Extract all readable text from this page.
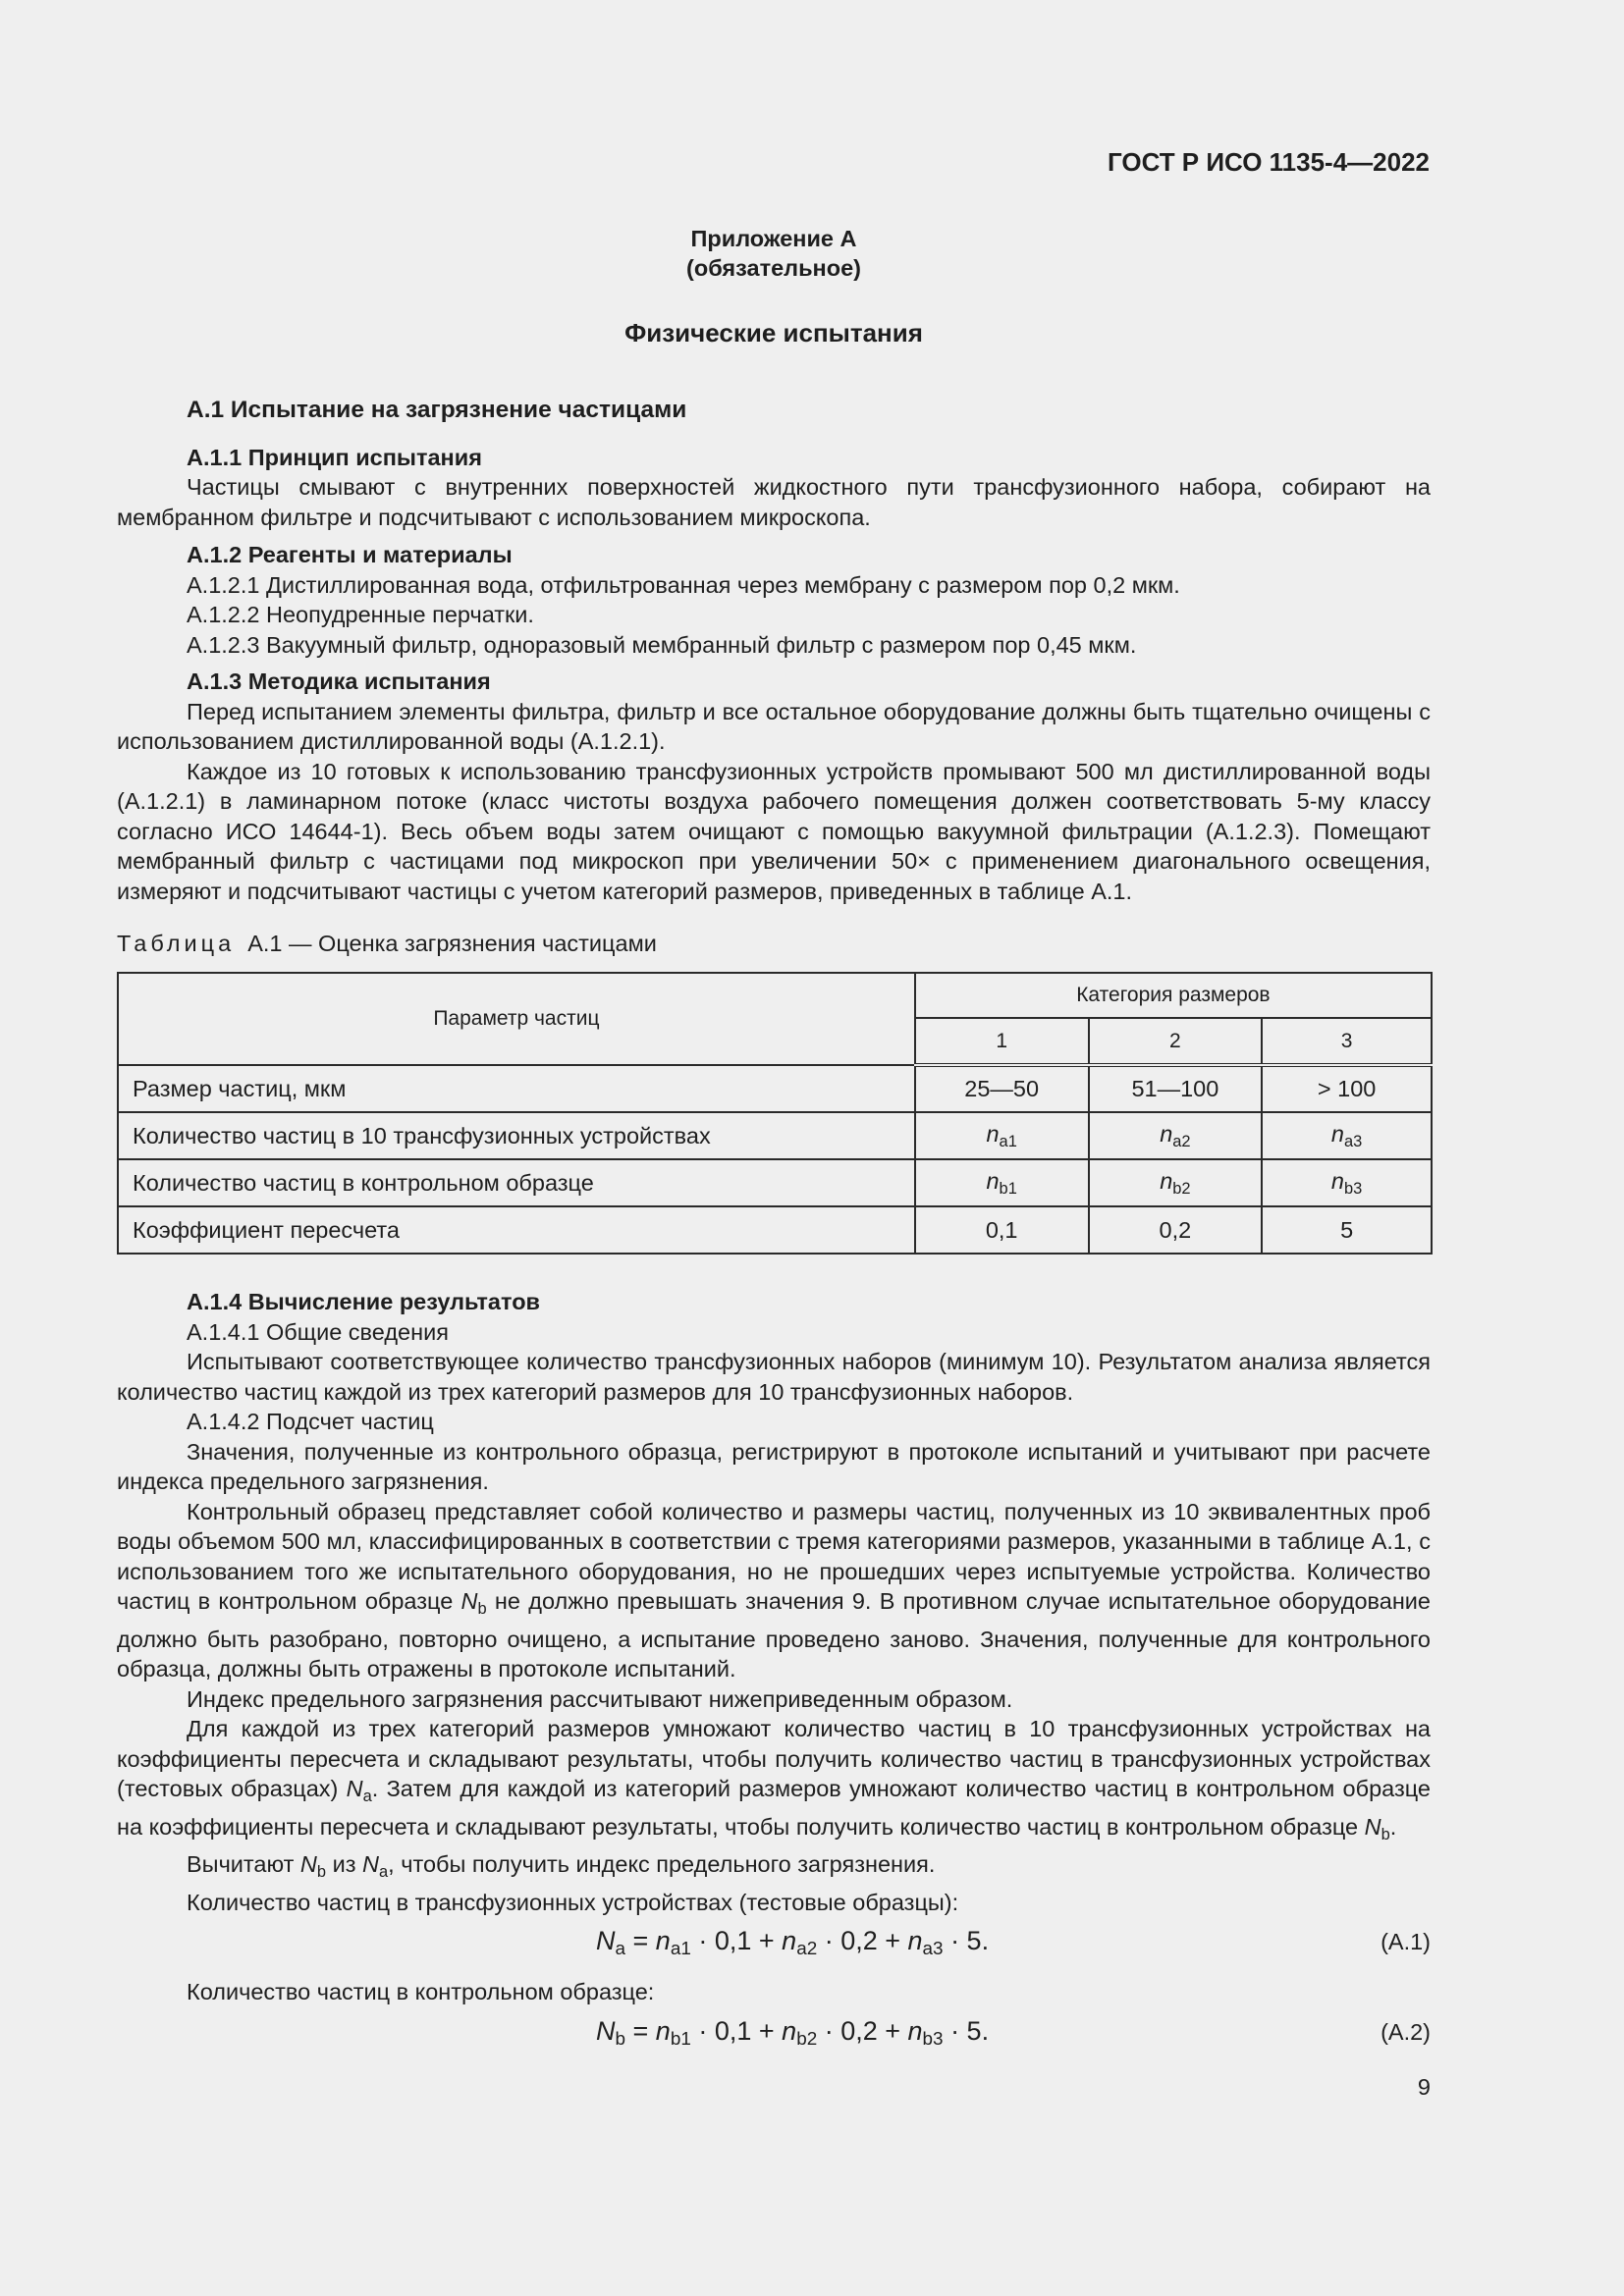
ГОСТ Р ИСО 1135-4—2022
Приложение А
(обязательное)
Физические испытания

А.1 Испытание на загрязнение частицами

А.1.1 Принцип испытания

Частицы смывают с внутренних поверхностей жидкостного пути трансфузионного набора, собирают на мембранном фильтре и подсчитывают с использованием микроскопа.

А.1.2 Реагенты и материалы

А.1.2.1 Дистиллированная вода, отфильтрованная через мембрану с размером пор 0,2 мкм.

А.1.2.2 Неопудренные перчатки.

А.1.2.3 Вакуумный фильтр, одноразовый мембранный фильтр с размером пор 0,45 мкм.

А.1.3 Методика испытания

Перед испытанием элементы фильтра, фильтр и все остальное оборудование должны быть тщательно очищены с использованием дистиллированной воды (А.1.2.1).

Каждое из 10 готовых к использованию трансфузионных устройств промывают 500 мл дистиллированной воды (А.1.2.1) в ламинарном потоке (класс чистоты воздуха рабочего помещения должен соответствовать 5-му классу согласно ИСО 14644-1). Весь объем воды затем очищают с помощью вакуумной фильтрации (А.1.2.3). Помещают мембранный фильтр с частицами под микроскоп при увеличении 50× с применением диагонального освещения, измеряют и подсчитывают частицы с учетом категорий размеров, приведенных в таблице А.1.

Таблица  А.1 — Оценка загрязнения частицами
Параметр частиц	Категория размеров		
	1	2	3
Размер частиц, мкм	25—50	51—100	> 100
Количество частиц в 10 трансфузионных устройствах	$n_{a1}$	$n_{a2}$	$n_{a3}$
Количество частиц в контрольном образце	$n_{b1}$	$n_{b2}$	$n_{b3}$
Коэффициент пересчета	0,1	0,2	5

А.1.4 Вычисление результатов

А.1.4.1 Общие сведения

Испытывают соответствующее количество трансфузионных наборов (минимум 10). Результатом анализа является количество частиц каждой из трех категорий размеров для 10 трансфузионных наборов.

А.1.4.2 Подсчет частиц

Значения, полученные из контрольного образца, регистрируют в протоколе испытаний и учитывают при расчете индекса предельного загрязнения.

Контрольный образец представляет собой количество и размеры частиц, полученных из 10 эквивалентных проб воды объемом 500 мл, классифицированных в соответствии с тремя категориями размеров, указанными в таблице А.1, с использованием того же испытательного оборудования, но не прошедших через испытуемые устройства. Количество частиц в контрольном образце $N_b$ не должно превышать значения 9. В противном случае испытательное оборудование должно быть разобрано, повторно очищено, а испытание проведено заново. Значения, полученные для контрольного образца, должны быть отражены в протоколе испытаний.

Индекс предельного загрязнения рассчитывают нижеприведенным образом.

Для каждой из трех категорий размеров умножают количество частиц в 10 трансфузионных устройствах на коэффициенты пересчета и складывают результаты, чтобы получить количество частиц в трансфузионных устройствах (тестовых образцах) $N_a$. Затем для каждой из категорий размеров умножают количество частиц в контрольном образце на коэффициенты пересчета и складывают результаты, чтобы получить количество частиц в контрольном образце $N_b$.

Вычитают $N_b$ из $N_a$, чтобы получить индекс предельного загрязнения.

Количество частиц в трансфузионных устройствах (тестовые образцы):

$N_a = n_{a1} \cdot 0,1 + n_{a2} \cdot 0,2 + n_{a3} \cdot 5$.	(А.1)

Количество частиц в контрольном образце:

$N_b = n_{b1} \cdot 0,1 + n_{b2} \cdot 0,2 + n_{b3} \cdot 5$.	(А.2)
9
